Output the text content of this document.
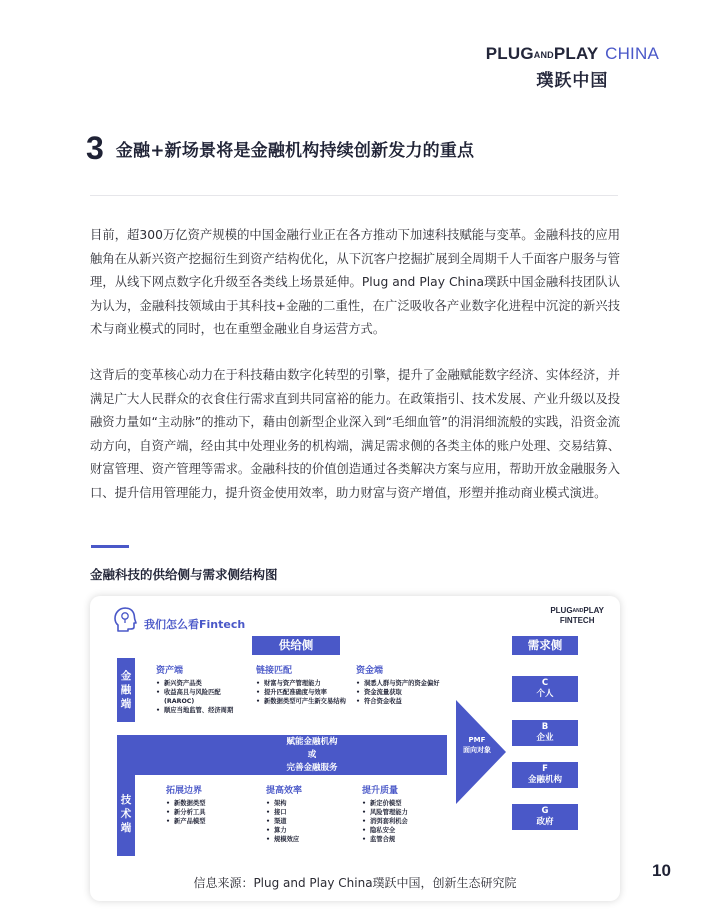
PLUGANDPLAY CHINA
璞跃中国
3 金融+新场景将是金融机构持续创新发力的重点

目前，超300万亿资产规模的中国金融行业正在各方推动下加速科技赋能与变革。金融科技的应用触角在从新兴资产挖掘衍生到资产结构优化，从下沉客户挖掘扩展到全周期千人千面客户服务与管理，从线下网点数字化升级至各类线上场景延伸。Plug and Play China璞跃中国金融科技团队认为认为，金融科技领域由于其科技+金融的二重性，在广泛吸收各产业数字化进程中沉淀的新兴技术与商业模式的同时，也在重塑金融业自身运营方式。

这背后的变革核心动力在于科技藉由数字化转型的引擎，提升了金融赋能数字经济、实体经济，并满足广大人民群众的衣食住行需求直到共同富裕的能力。在政策指引、技术发展、产业升级以及投融资力量如“主动脉”的推动下，藉由创新型企业深入到“毛细血管”的涓涓细流般的实践，沿资金流动方向，自资产端，经由其中处理业务的机构端，满足需求侧的各类主体的账户处理、交易结算、财富管理、资产管理等需求。金融科技的价值创造通过各类解决方案与应用，帮助开放金融服务入口、提升信用管理能力，提升资金使用效率，助力财富与资产增值，形塑并推动商业模式演进。

金融科技的供给侧与需求侧结构图
我们怎么看Fintech
PLUGANDPLAY
FINTECH
供给侧	需求侧
金
融
端
技
术
端
资产端
• 新兴资产品类
• 收益高且与风险匹配(RAROC)
• 顺应当地监管、经济周期
链接匹配
• 财富与资产管理能力
• 提升匹配准确度与效率
• 新数据类型可产生新交易结构
资金端
• 洞悉人群与资产的资金偏好
• 资金流量获取
• 符合资金收益
赋能金融机构
或
完善金融服务
PMF
面向对象
拓展边界
• 新数据类型
• 新分析工具
• 新产品模型
提高效率
• 架构
• 接口
• 渠道
• 算力
• 规模效应
提升质量
• 新定价模型
• 风险管理能力
• 消弭套利机会
• 隐私安全
• 监管合规
C
个人
B
企业
F
金融机构
G
政府
信息来源：Plug and Play China璞跃中国，创新生态研究院
10
